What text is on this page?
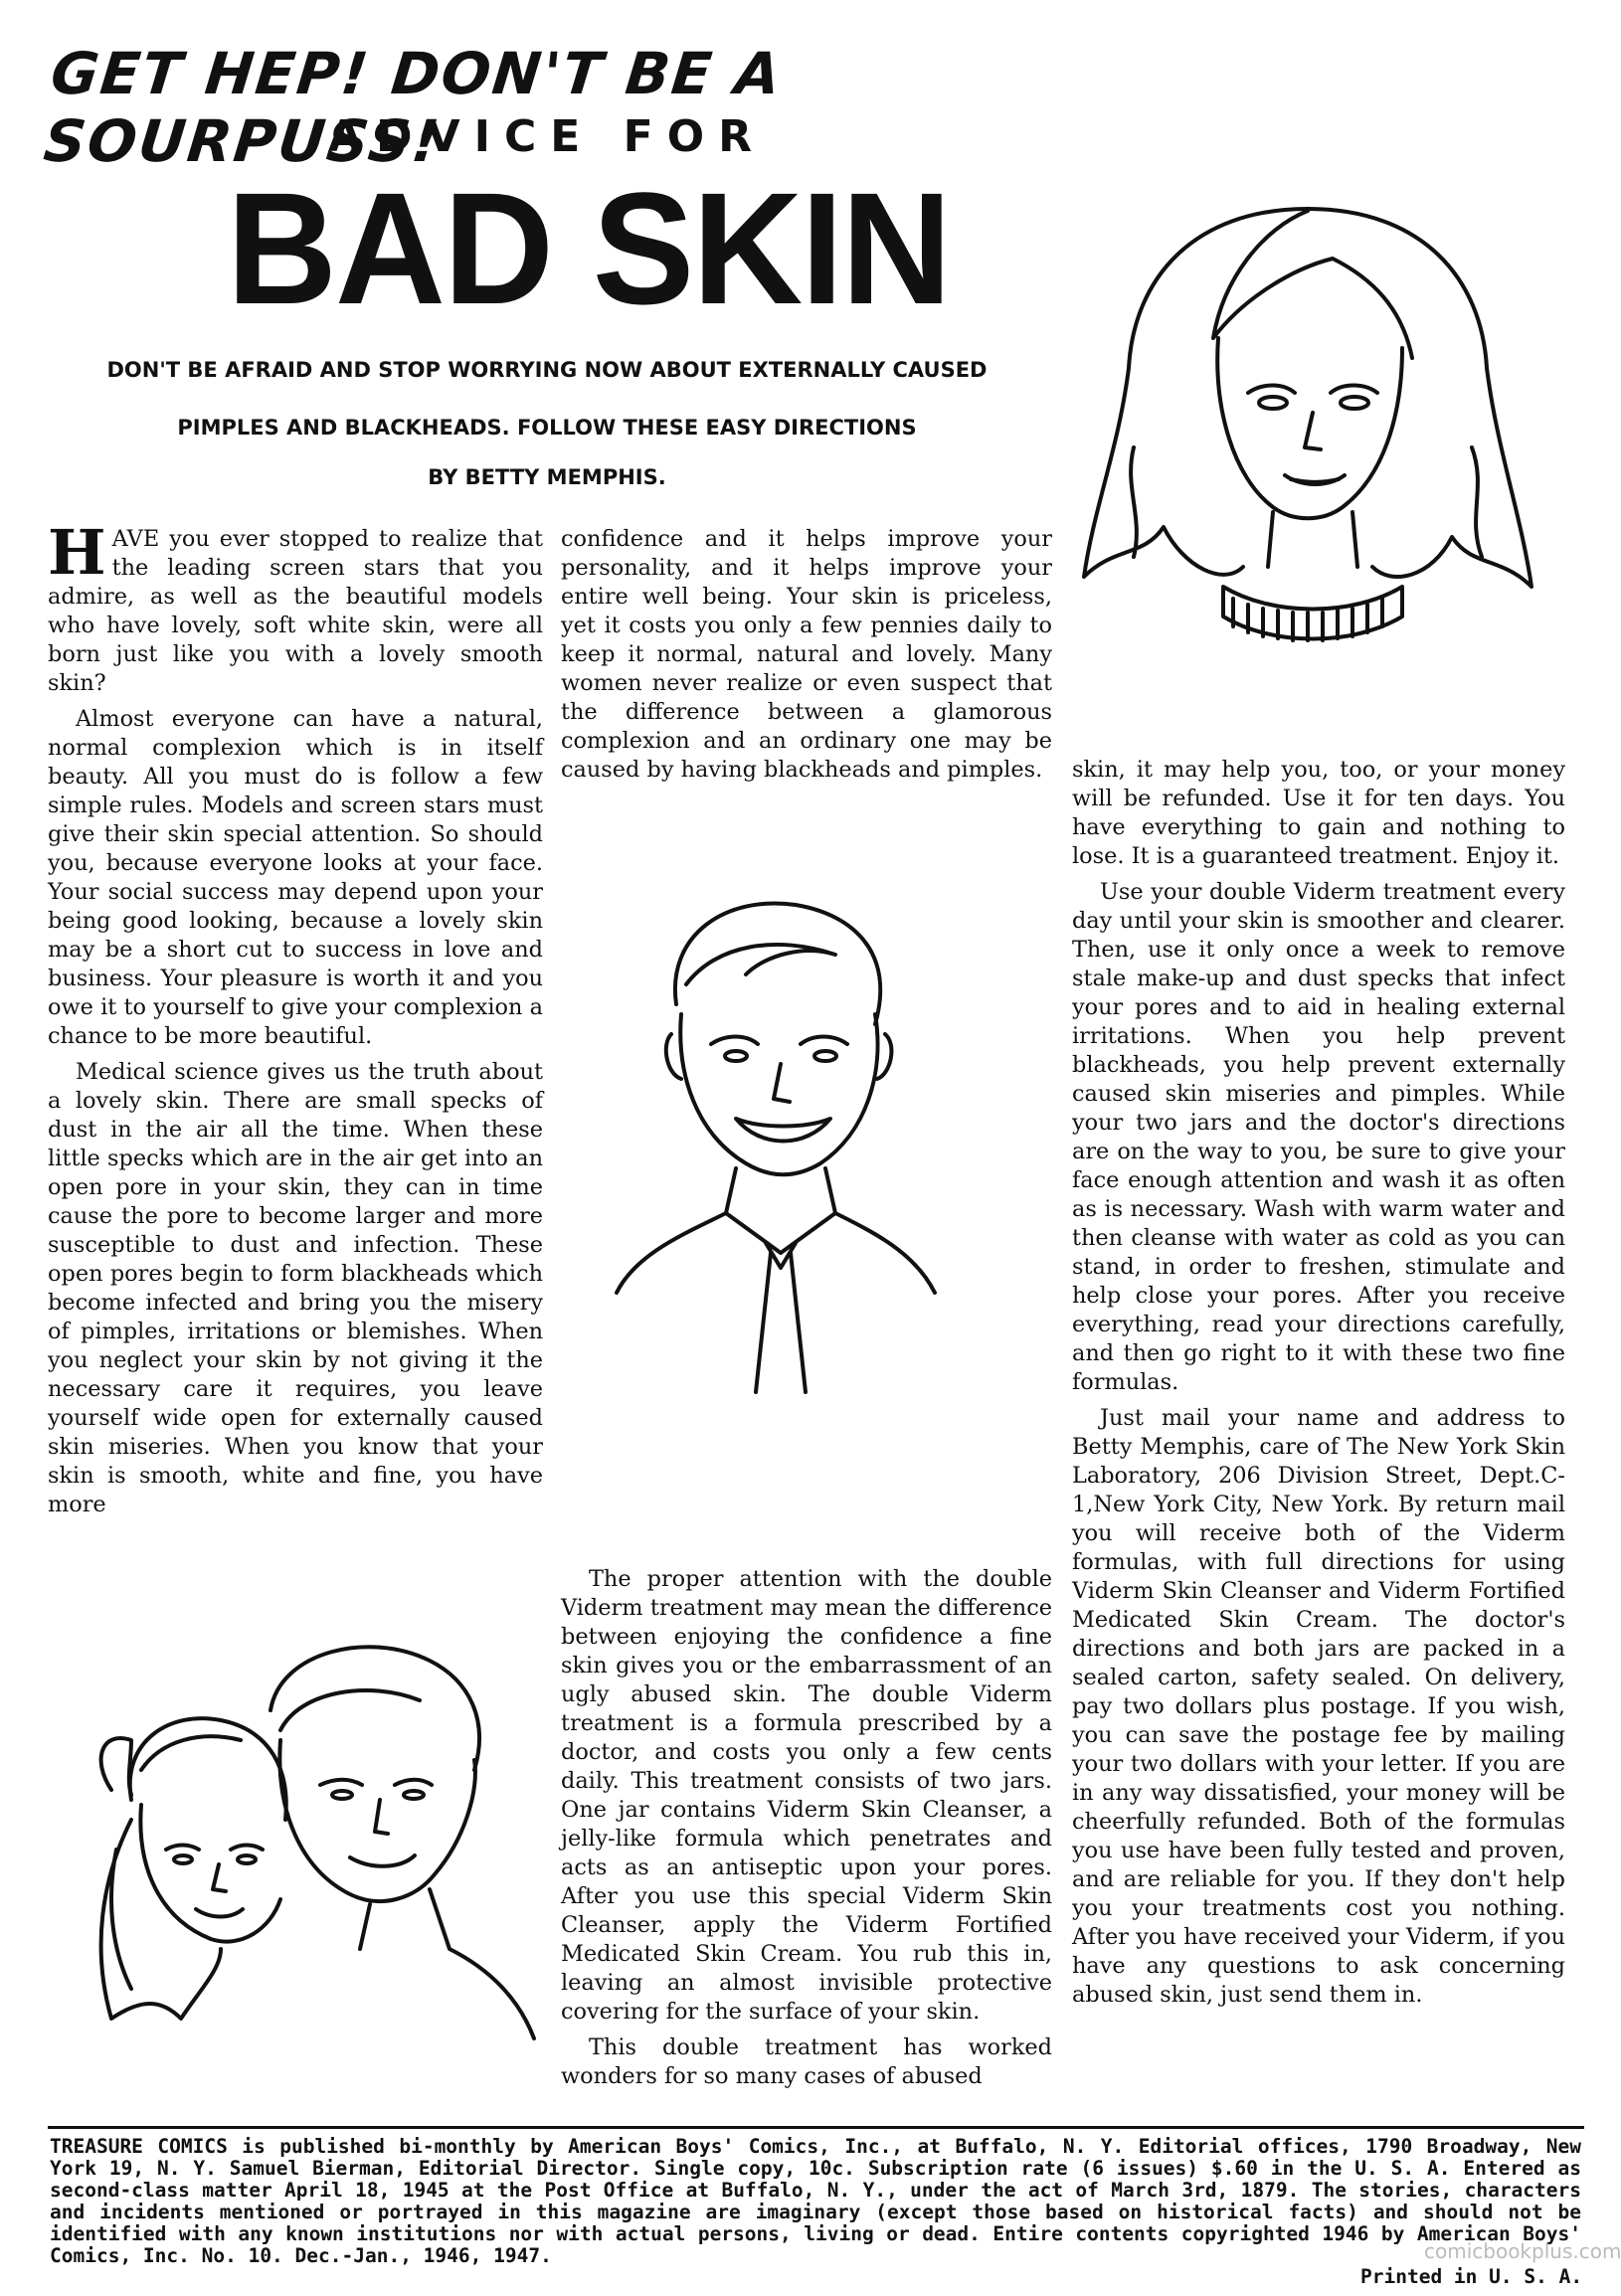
GET HEP! DON'T BE A SOURPUSS!
ADVICE FOR
BAD SKIN
DON'T BE AFRAID AND STOP WORRYING NOW ABOUT EXTERNALLY CAUSED
PIMPLES AND BLACKHEADS. FOLLOW THESE EASY DIRECTIONS
BY BETTY MEMPHIS.

HAVE you ever stopped to realize that the leading screen stars that you admire, as well as the beautiful models who have lovely, soft white skin, were all born just like you with a lovely smooth skin?

Almost everyone can have a natural, normal complexion which is in itself beauty. All you must do is follow a few simple rules. Models and screen stars must give their skin special attention. So should you, because everyone looks at your face. Your social success may depend upon your being good looking, because a lovely skin may be a short cut to success in love and business. Your pleasure is worth it and you owe it to yourself to give your complexion a chance to be more beautiful.

Medical science gives us the truth about a lovely skin. There are small specks of dust in the air all the time. When these little specks which are in the air get into an open pore in your skin, they can in time cause the pore to become larger and more susceptible to dust and infection. These open pores begin to form blackheads which become infected and bring you the misery of pimples, irritations or blemishes. When you neglect your skin by not giving it the necessary care it requires, you leave yourself wide open for externally caused skin miseries. When you know that your skin is smooth, white and fine, you have more

confidence and it helps improve your personality, and it helps improve your entire well being. Your skin is priceless, yet it costs you only a few pennies daily to keep it normal, natural and lovely. Many women never realize or even suspect that the difference between a glamorous complexion and an ordinary one may be caused by having blackheads and pimples.

The proper attention with the double Viderm treatment may mean the difference between enjoying the confidence a fine skin gives you or the embarrassment of an ugly abused skin. The double Viderm treatment is a formula prescribed by a doctor, and costs you only a few cents daily. This treatment consists of two jars. One jar contains Viderm Skin Cleanser, a jelly-like formula which penetrates and acts as an antiseptic upon your pores. After you use this special Viderm Skin Cleanser, apply the Viderm Fortified Medicated Skin Cream. You rub this in, leaving an almost invisible protective covering for the surface of your skin.

This double treatment has worked wonders for so many cases of abused

skin, it may help you, too, or your money will be refunded. Use it for ten days. You have everything to gain and nothing to lose. It is a guaranteed treatment. Enjoy it.

Use your double Viderm treatment every day until your skin is smoother and clearer. Then, use it only once a week to remove stale make-up and dust specks that infect your pores and to aid in healing external irritations. When you help prevent blackheads, you help prevent externally caused skin miseries and pimples. While your two jars and the doctor's directions are on the way to you, be sure to give your face enough attention and wash it as often as is necessary. Wash with warm water and then cleanse with water as cold as you can stand, in order to freshen, stimulate and help close your pores. After you receive everything, read your directions carefully, and then go right to it with these two fine formulas.

Just mail your name and address to Betty Memphis, care of The New York Skin Laboratory, 206 Division Street, Dept.C-1,New York City, New York. By return mail you will receive both of the Viderm formulas, with full directions for using Viderm Skin Cleanser and Viderm Fortified Medicated Skin Cream. The doctor's directions and both jars are packed in a sealed carton, safety sealed. On delivery, pay two dollars plus postage. If you wish, you can save the postage fee by mailing your two dollars with your letter. If you are in any way dissatisfied, your money will be cheerfully refunded. Both of the formulas you use have been fully tested and proven, and are reliable for you. If they don't help you your treatments cost you nothing. After you have received your Viderm, if you have any questions to ask concerning abused skin, just send them in.

TREASURE COMICS is published bi-monthly by American Boys' Comics, Inc., at Buffalo, N. Y. Editorial offices, 1790 Broadway, New York 19, N. Y. Samuel Bierman, Editorial Director. Single copy, 10c. Subscription rate (6 issues) $.60 in the U. S. A. Entered as second-class matter April 18, 1945 at the Post Office at Buffalo, N. Y., under the act of March 3rd, 1879. The stories, characters and incidents mentioned or portrayed in this magazine are imaginary (except those based on historical facts) and should not be identified with any known institutions nor with actual persons, living or dead. Entire contents copyrighted 1946 by American Boys' Comics, Inc. No. 10. Dec.-Jan., 1946, 1947.	comicbookplus.com
Printed in U. S. A.
